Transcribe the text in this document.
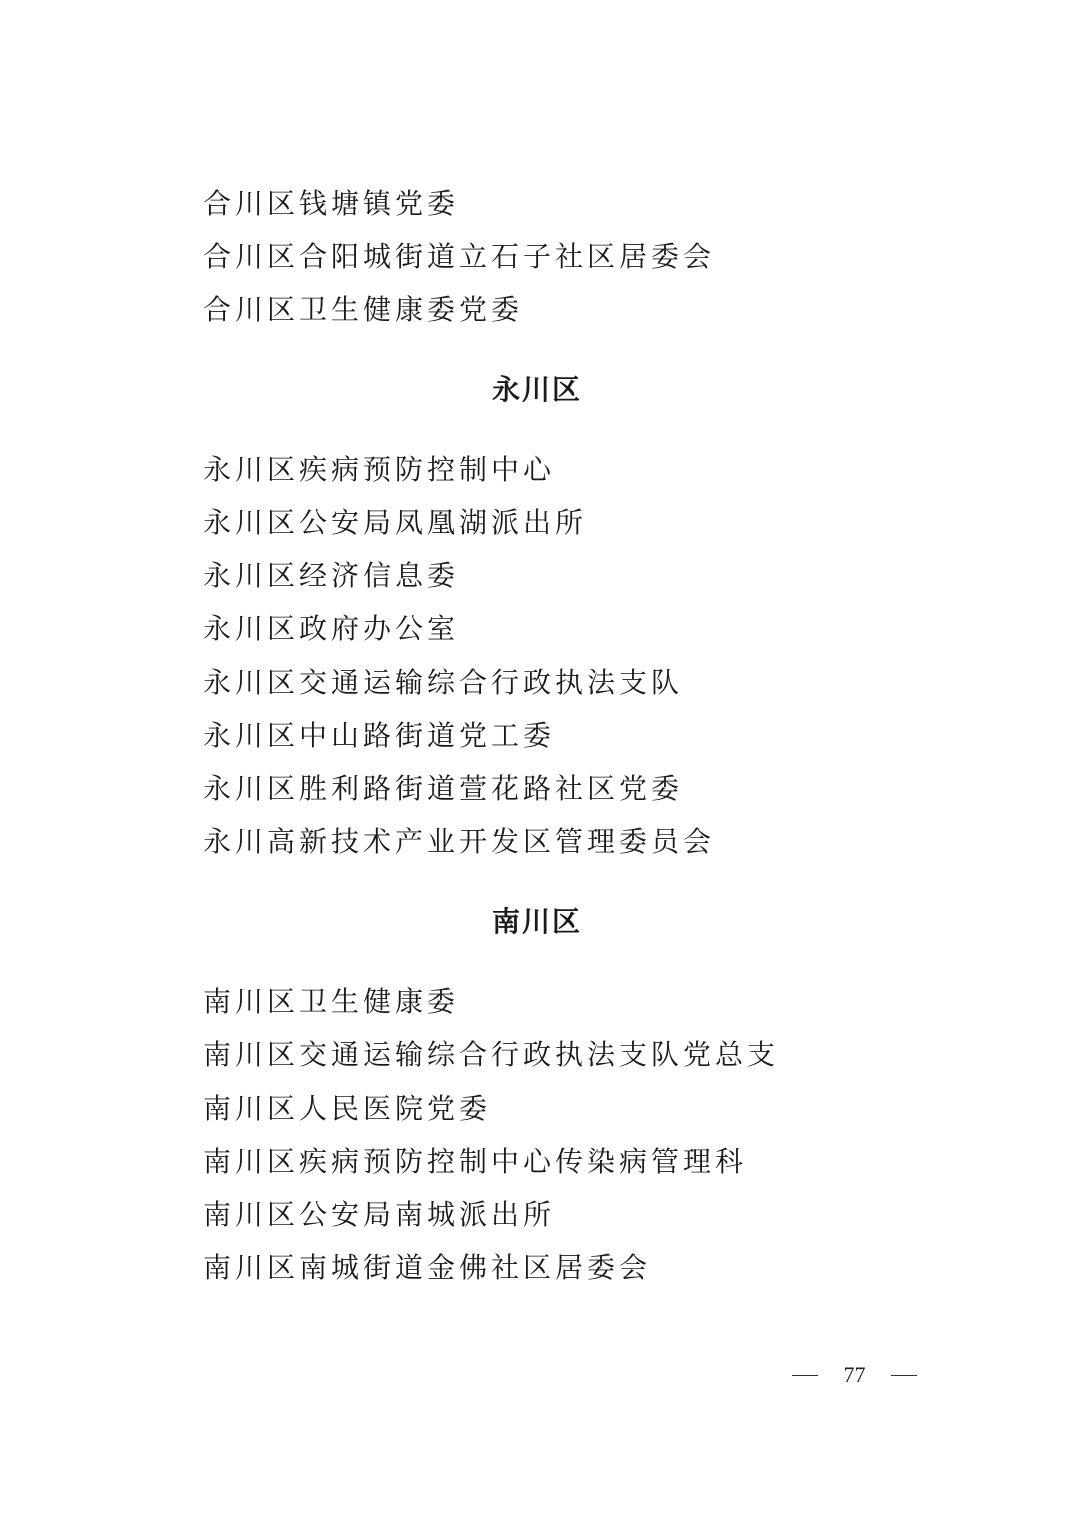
合川区钱塘镇党委
合川区合阳城街道立石子社区居委会
合川区卫生健康委党委
永川区
永川区疾病预防控制中心
永川区公安局凤凰湖派出所
永川区经济信息委
永川区政府办公室
永川区交通运输综合行政执法支队
永川区中山路街道党工委
永川区胜利路街道萱花路社区党委
永川高新技术产业开发区管理委员会
南川区
南川区卫生健康委
南川区交通运输综合行政执法支队党总支
南川区人民医院党委
南川区疾病预防控制中心传染病管理科
南川区公安局南城派出所
南川区南城街道金佛社区居委会
77
